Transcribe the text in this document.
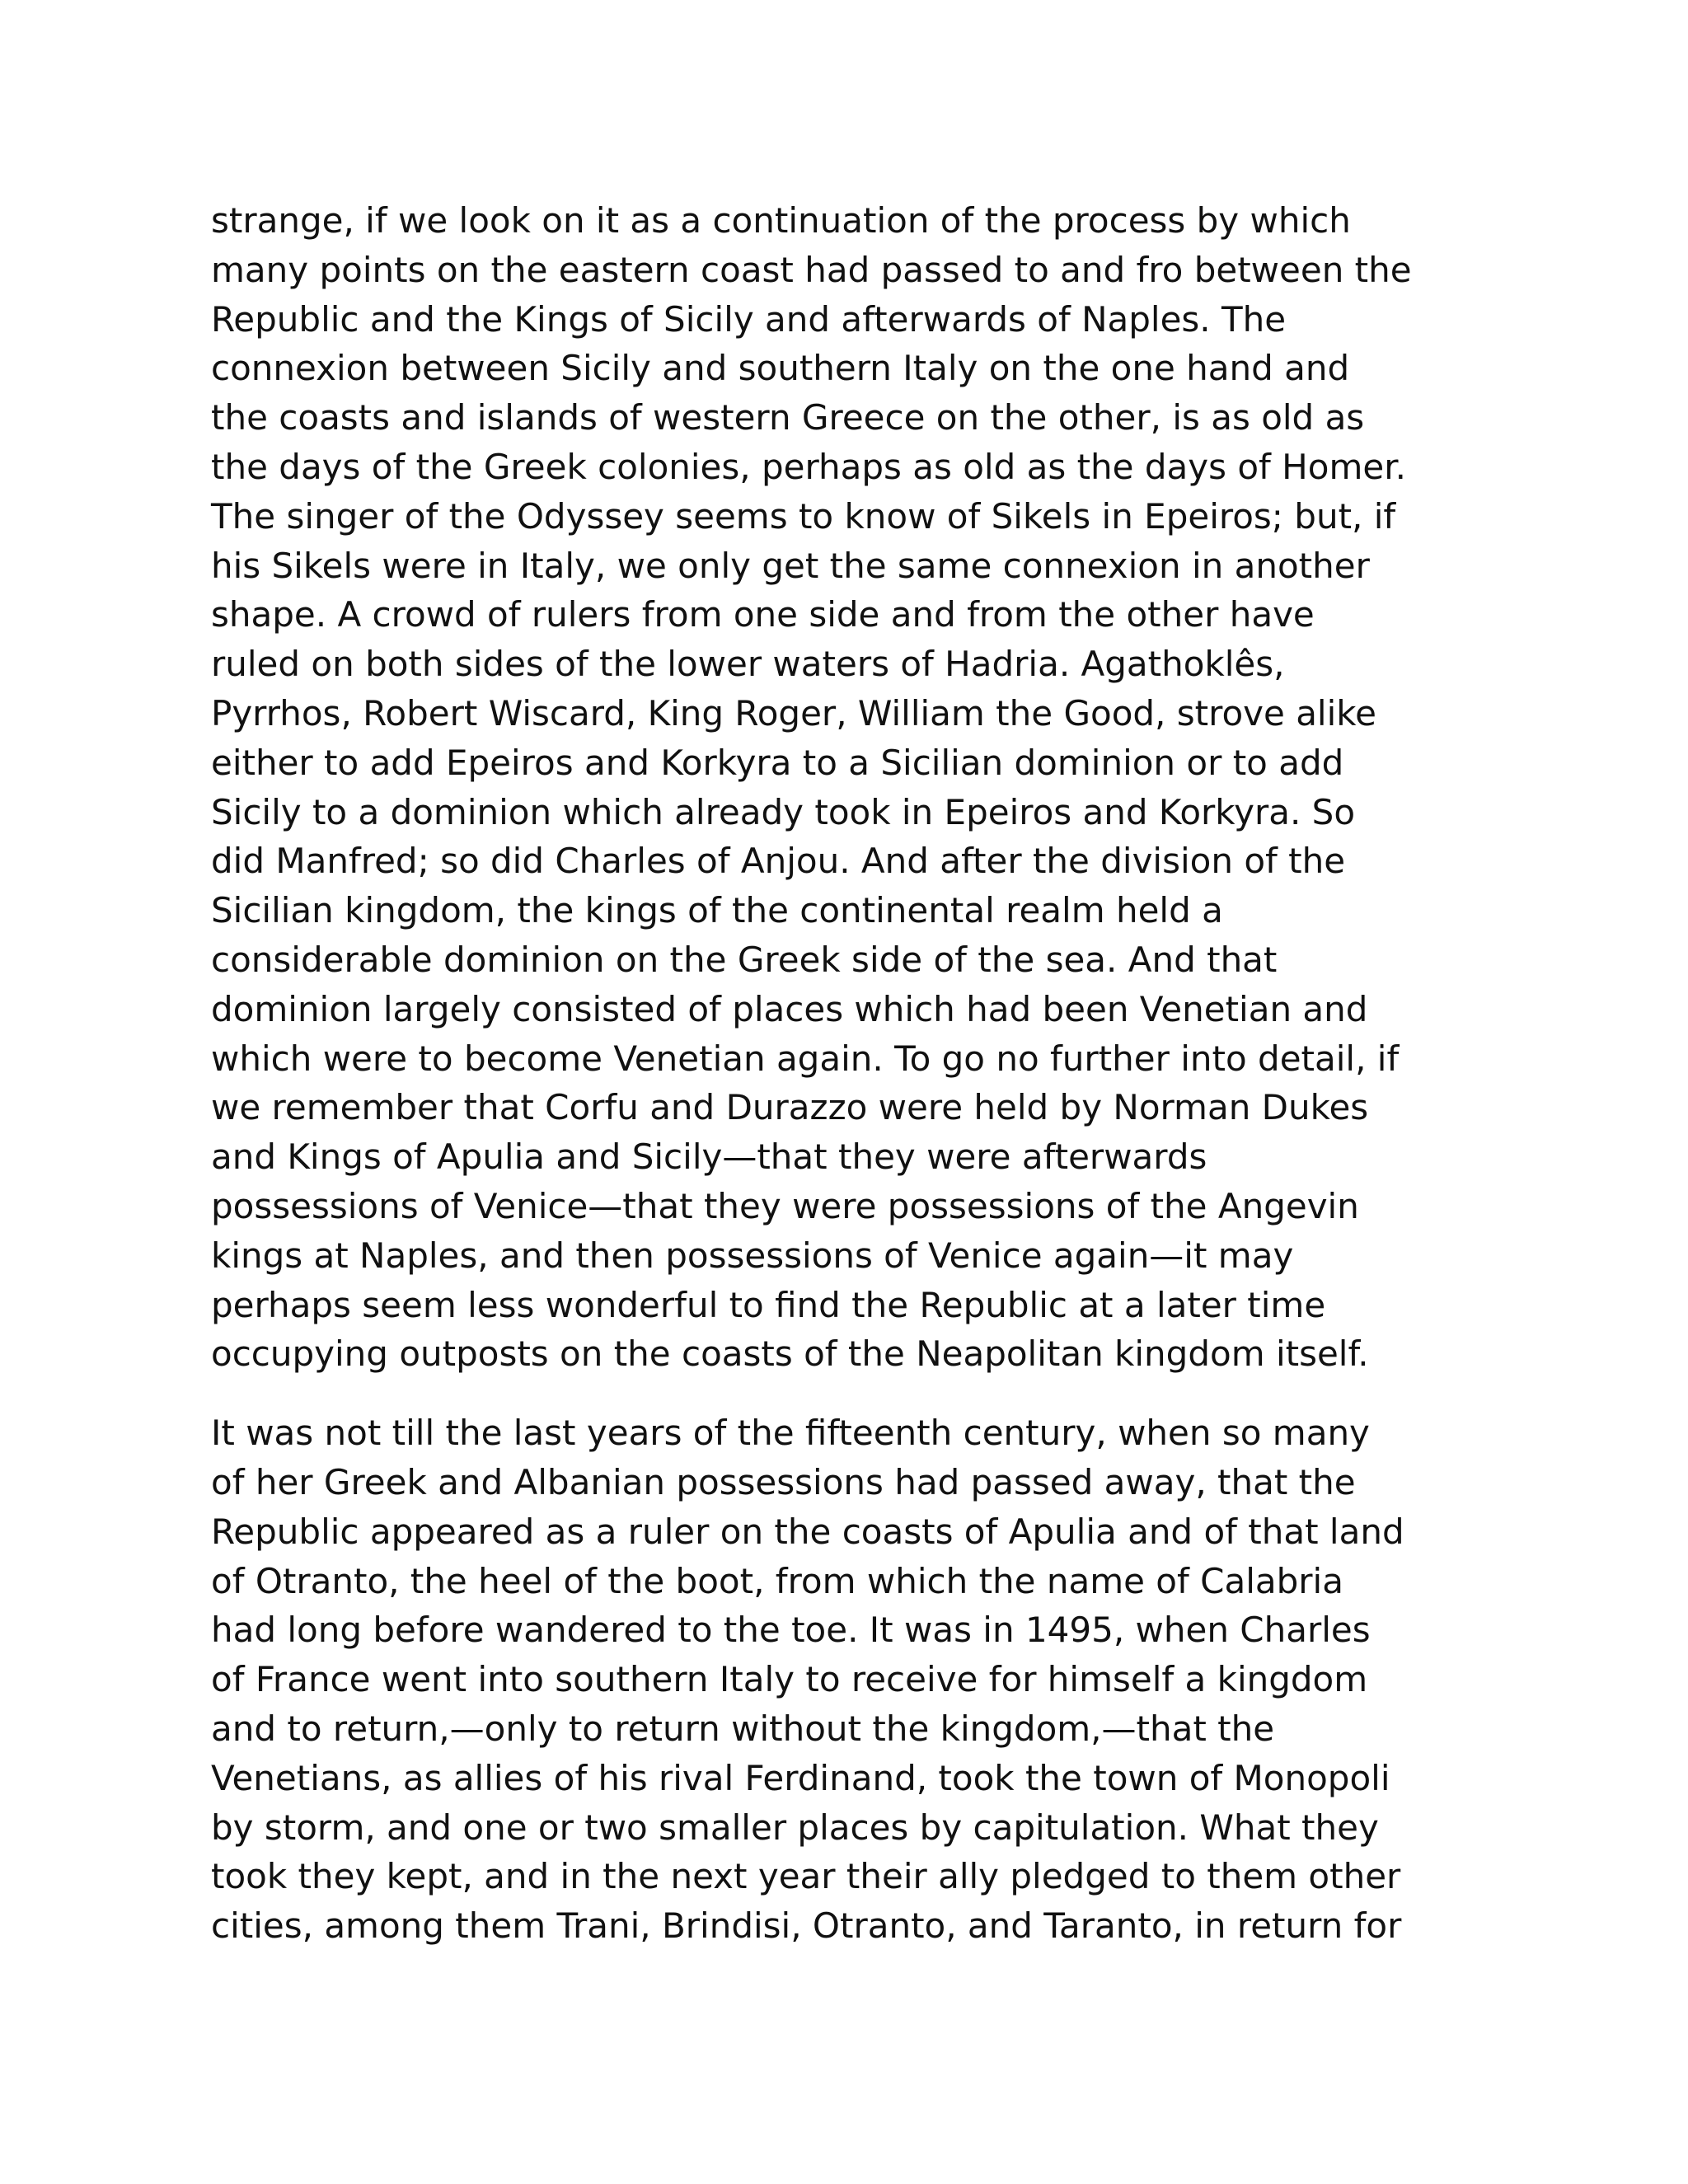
strange, if we look on it as a continuation of the process by which
many points on the eastern coast had passed to and fro between the
Republic and the Kings of Sicily and afterwards of Naples. The
connexion between Sicily and southern Italy on the one hand and
the coasts and islands of western Greece on the other, is as old as
the days of the Greek colonies, perhaps as old as the days of Homer.
The singer of the Odyssey seems to know of Sikels in Epeiros; but, if
his Sikels were in Italy, we only get the same connexion in another
shape. A crowd of rulers from one side and from the other have
ruled on both sides of the lower waters of Hadria. Agathoklês,
Pyrrhos, Robert Wiscard, King Roger, William the Good, strove alike
either to add Epeiros and Korkyra to a Sicilian dominion or to add
Sicily to a dominion which already took in Epeiros and Korkyra. So
did Manfred; so did Charles of Anjou. And after the division of the
Sicilian kingdom, the kings of the continental realm held a
considerable dominion on the Greek side of the sea. And that
dominion largely consisted of places which had been Venetian and
which were to become Venetian again. To go no further into detail, if
we remember that Corfu and Durazzo were held by Norman Dukes
and Kings of Apulia and Sicily—that they were afterwards
possessions of Venice—that they were possessions of the Angevin
kings at Naples, and then possessions of Venice again—it may
perhaps seem less wonderful to find the Republic at a later time
occupying outposts on the coasts of the Neapolitan kingdom itself.

It was not till the last years of the fifteenth century, when so many
of her Greek and Albanian possessions had passed away, that the
Republic appeared as a ruler on the coasts of Apulia and of that land
of Otranto, the heel of the boot, from which the name of Calabria
had long before wandered to the toe. It was in 1495, when Charles
of France went into southern Italy to receive for himself a kingdom
and to return,—only to return without the kingdom,—that the
Venetians, as allies of his rival Ferdinand, took the town of Monopoli
by storm, and one or two smaller places by capitulation. What they
took they kept, and in the next year their ally pledged to them other
cities, among them Trani, Brindisi, Otranto, and Taranto, in return for
